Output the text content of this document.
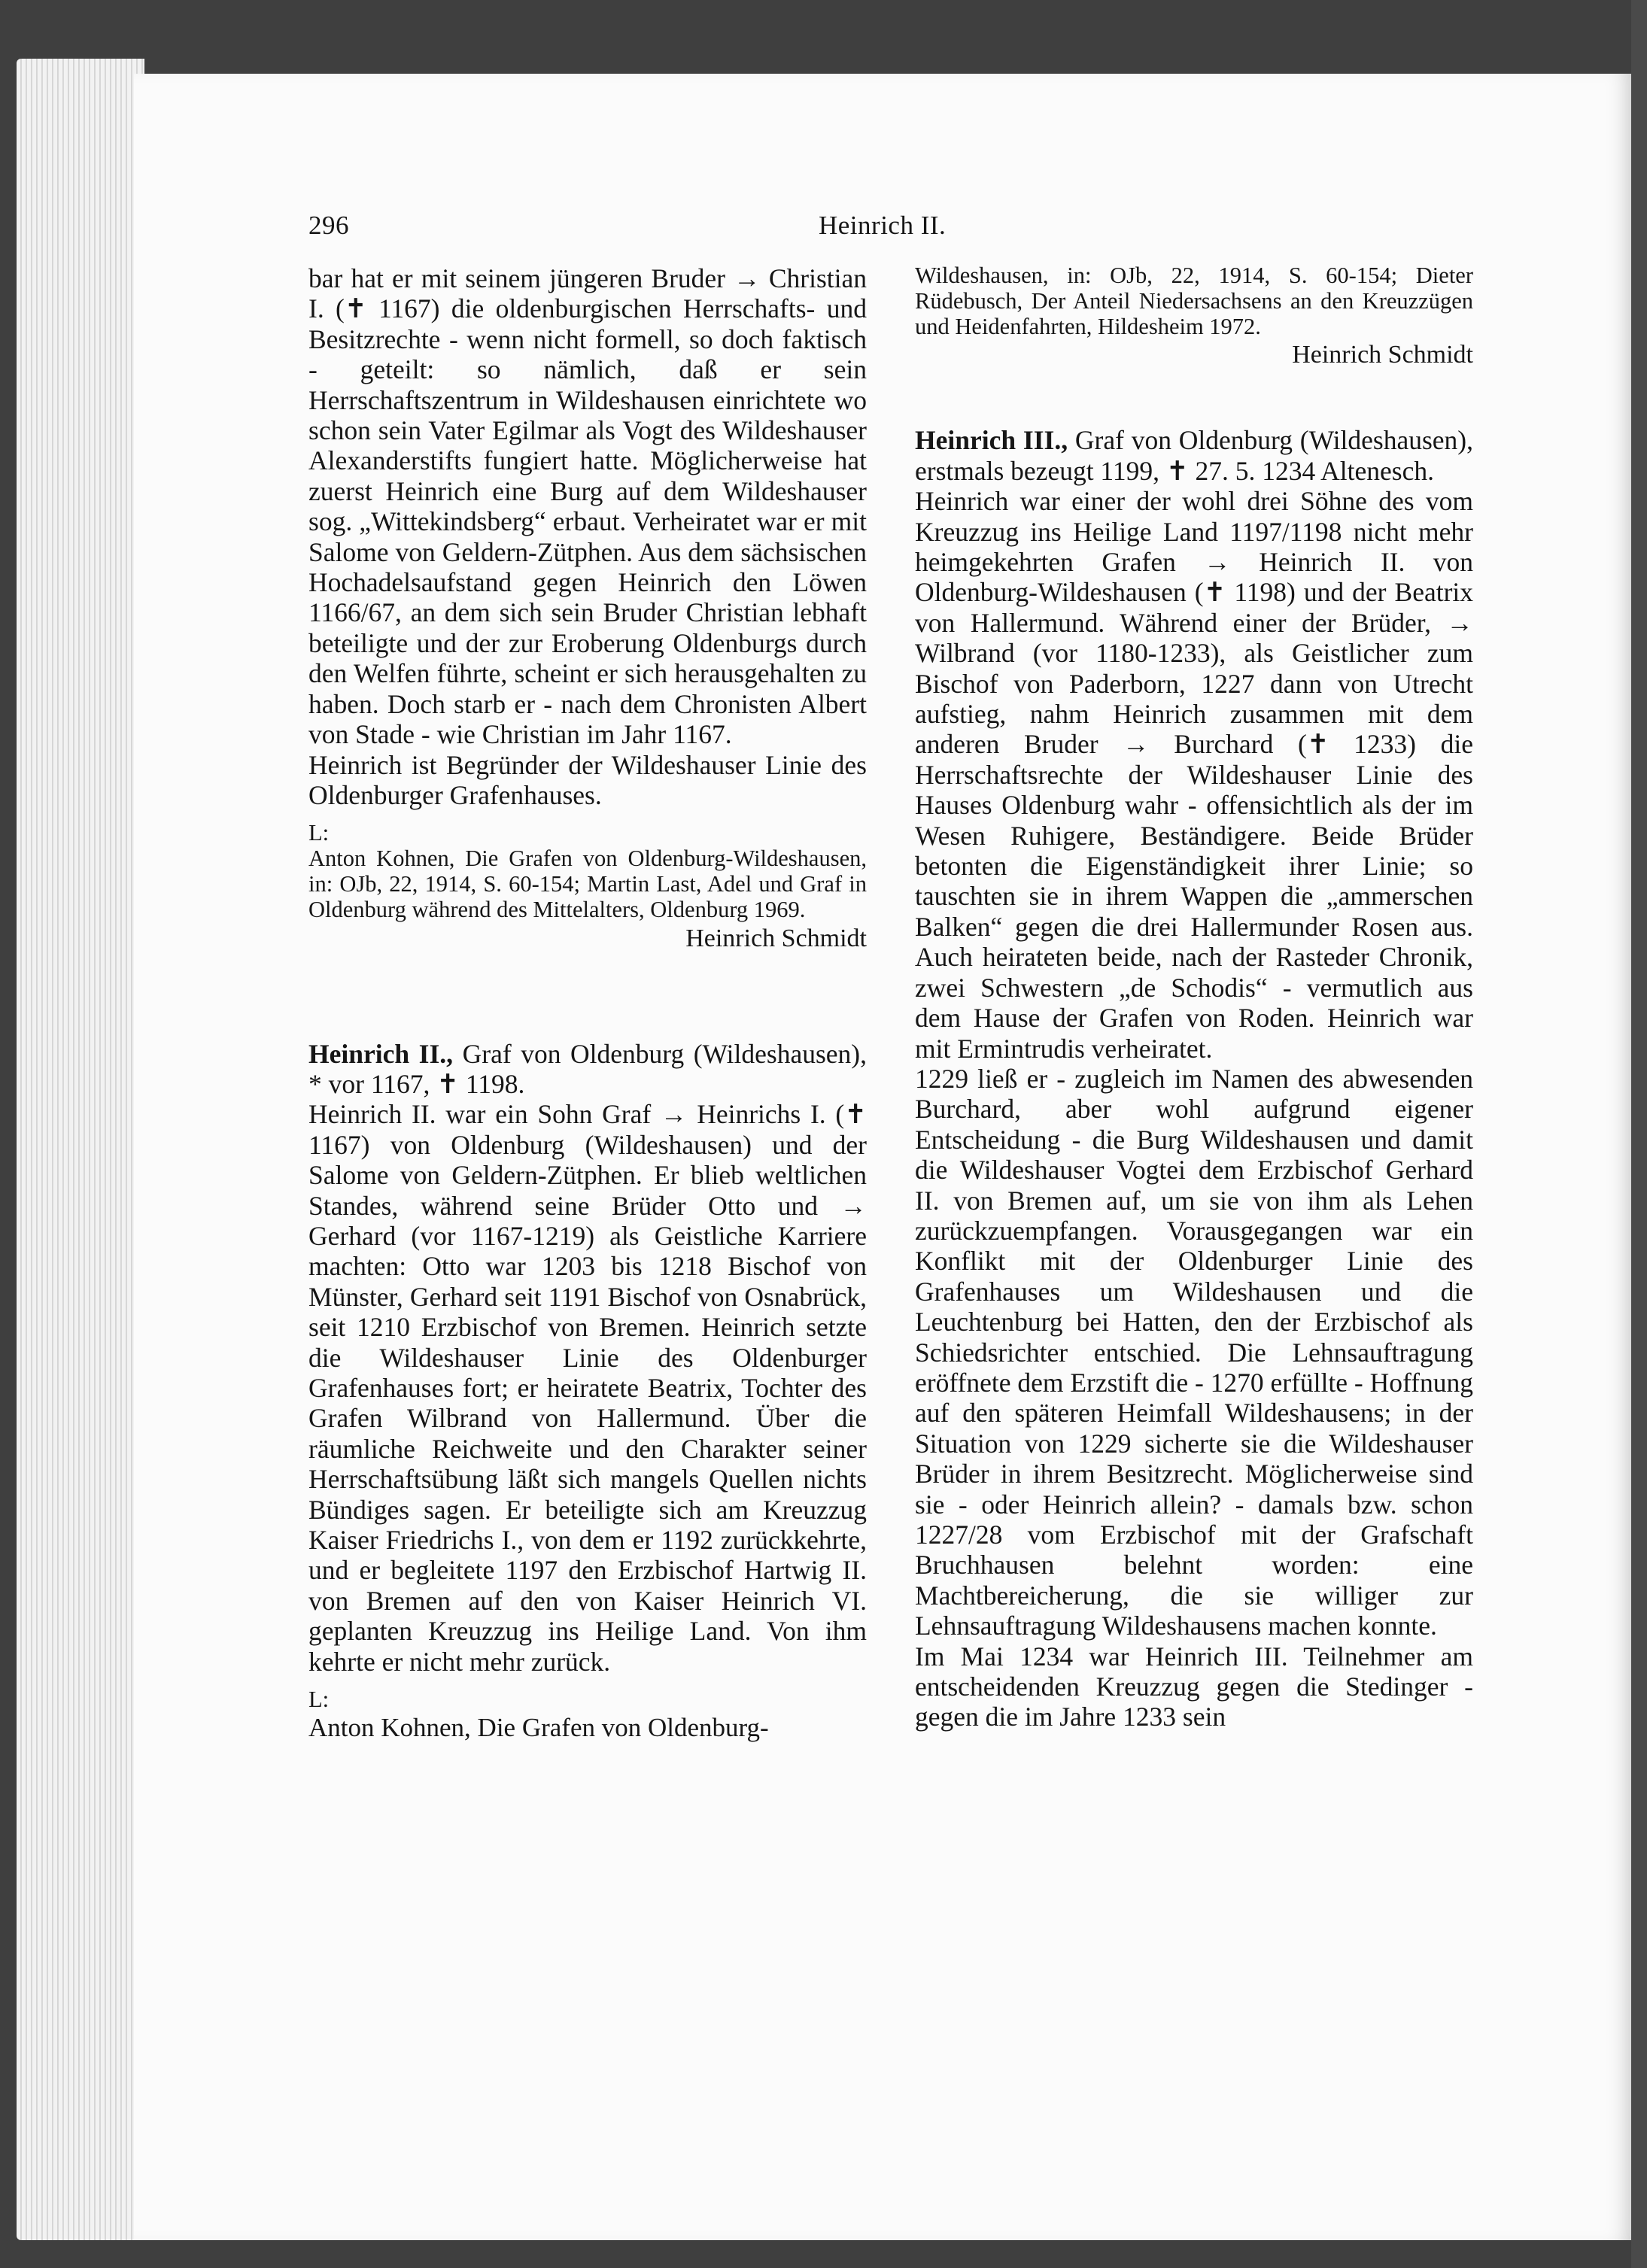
296	Heinrich II.

bar hat er mit seinem jüngeren Bruder → Christian I. (✝ 1167) die oldenburgischen Herrschafts- und Besitzrechte - wenn nicht formell, so doch faktisch - geteilt: so nämlich, daß er sein Herrschaftszentrum in Wildeshausen einrichtete wo schon sein Vater Egilmar als Vogt des Wildeshauser Alexanderstifts fungiert hatte. Möglicherweise hat zuerst Heinrich eine Burg auf dem Wildeshauser sog. „Wittekindsberg“ erbaut. Verheiratet war er mit Salome von Geldern-Zütphen. Aus dem sächsischen Hochadelsaufstand gegen Heinrich den Löwen 1166/67, an dem sich sein Bruder Christian lebhaft beteiligte und der zur Eroberung Oldenburgs durch den Welfen führte, scheint er sich herausgehalten zu haben. Doch starb er - nach dem Chronisten Albert von Stade - wie Christian im Jahr 1167.

Heinrich ist Begründer der Wildeshauser Linie des Oldenburger Grafenhauses.

L:

Anton Kohnen, Die Grafen von Oldenburg-Wildeshausen, in: OJb, 22, 1914, S. 60-154; Martin Last, Adel und Graf in Oldenburg während des Mittelalters, Oldenburg 1969.

Heinrich Schmidt

Heinrich II., Graf von Oldenburg (Wildeshausen), * vor 1167, ✝ 1198.

Heinrich II. war ein Sohn Graf → Heinrichs I. (✝ 1167) von Oldenburg (Wildeshausen) und der Salome von Geldern-Zütphen. Er blieb weltlichen Standes, während seine Brüder Otto und → Gerhard (vor 1167-1219) als Geistliche Karriere machten: Otto war 1203 bis 1218 Bischof von Münster, Gerhard seit 1191 Bischof von Osnabrück, seit 1210 Erzbischof von Bremen. Heinrich setzte die Wildeshauser Linie des Oldenburger Grafenhauses fort; er heiratete Beatrix, Tochter des Grafen Wilbrand von Hallermund. Über die räumliche Reichweite und den Charakter seiner Herrschaftsübung läßt sich mangels Quellen nichts Bündiges sagen. Er beteiligte sich am Kreuzzug Kaiser Friedrichs I., von dem er 1192 zurückkehrte, und er begleitete 1197 den Erzbischof Hartwig II. von Bremen auf den von Kaiser Heinrich VI. geplanten Kreuzzug ins Heilige Land. Von ihm kehrte er nicht mehr zurück.

L:

Anton Kohnen, Die Grafen von Oldenburg-

Wildeshausen, in: OJb, 22, 1914, S. 60-154; Dieter Rüdebusch, Der Anteil Niedersachsens an den Kreuzzügen und Heidenfahrten, Hildesheim 1972.

Heinrich Schmidt

Heinrich III., Graf von Oldenburg (Wildeshausen), erstmals bezeugt 1199, ✝ 27. 5. 1234 Altenesch.

Heinrich war einer der wohl drei Söhne des vom Kreuzzug ins Heilige Land 1197/1198 nicht mehr heimgekehrten Grafen → Heinrich II. von Oldenburg-Wildeshausen (✝ 1198) und der Beatrix von Hallermund. Während einer der Brüder, → Wilbrand (vor 1180-1233), als Geistlicher zum Bischof von Paderborn, 1227 dann von Utrecht aufstieg, nahm Heinrich zusammen mit dem anderen Bruder → Burchard (✝ 1233) die Herrschaftsrechte der Wildeshauser Linie des Hauses Oldenburg wahr - offensichtlich als der im Wesen Ruhigere, Beständigere. Beide Brüder betonten die Eigenständigkeit ihrer Linie; so tauschten sie in ihrem Wappen die „ammerschen Balken“ gegen die drei Hallermunder Rosen aus. Auch heirateten beide, nach der Rasteder Chronik, zwei Schwestern „de Schodis“ - vermutlich aus dem Hause der Grafen von Roden. Heinrich war mit Ermintrudis verheiratet.

1229 ließ er - zugleich im Namen des abwesenden Burchard, aber wohl aufgrund eigener Entscheidung - die Burg Wildeshausen und damit die Wildeshauser Vogtei dem Erzbischof Gerhard II. von Bremen auf, um sie von ihm als Lehen zurückzuempfangen. Vorausgegangen war ein Konflikt mit der Oldenburger Linie des Grafenhauses um Wildeshausen und die Leuchtenburg bei Hatten, den der Erzbischof als Schiedsrichter entschied. Die Lehnsauftragung eröffnete dem Erzstift die - 1270 erfüllte - Hoffnung auf den späteren Heimfall Wildeshausens; in der Situation von 1229 sicherte sie die Wildeshauser Brüder in ihrem Besitzrecht. Möglicherweise sind sie - oder Heinrich allein? - damals bzw. schon 1227/28 vom Erzbischof mit der Grafschaft Bruchhausen belehnt worden: eine Machtbereicherung, die sie williger zur Lehnsauftragung Wildeshausens machen konnte.

Im Mai 1234 war Heinrich III. Teilnehmer am entscheidenden Kreuzzug gegen die Stedinger - gegen die im Jahre 1233 sein
